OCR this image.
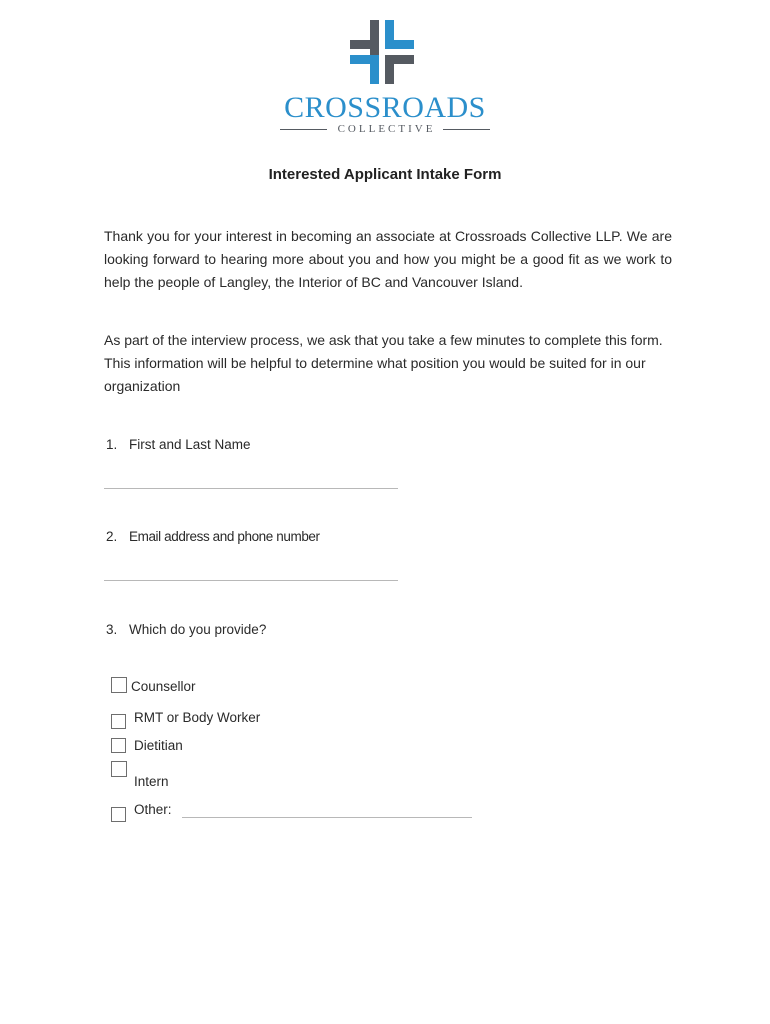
CROSSROADS
COLLECTIVE
Interested Applicant Intake Form

Thank you for your interest in becoming an associate at Crossroads Collective LLP. We are looking forward to hearing more about you and how you might be a good fit as we work to help the people of Langley, the Interior of BC and Vancouver Island.

As part of the interview process, we ask that you take a few minutes to complete this form. This information will be helpful to determine what position you would be suited for in our organization

1. First and Last Name
2. Email address and phone number
3. Which do you provide?
Counsellor
RMT or Body Worker
Dietitian
Intern
Other:
